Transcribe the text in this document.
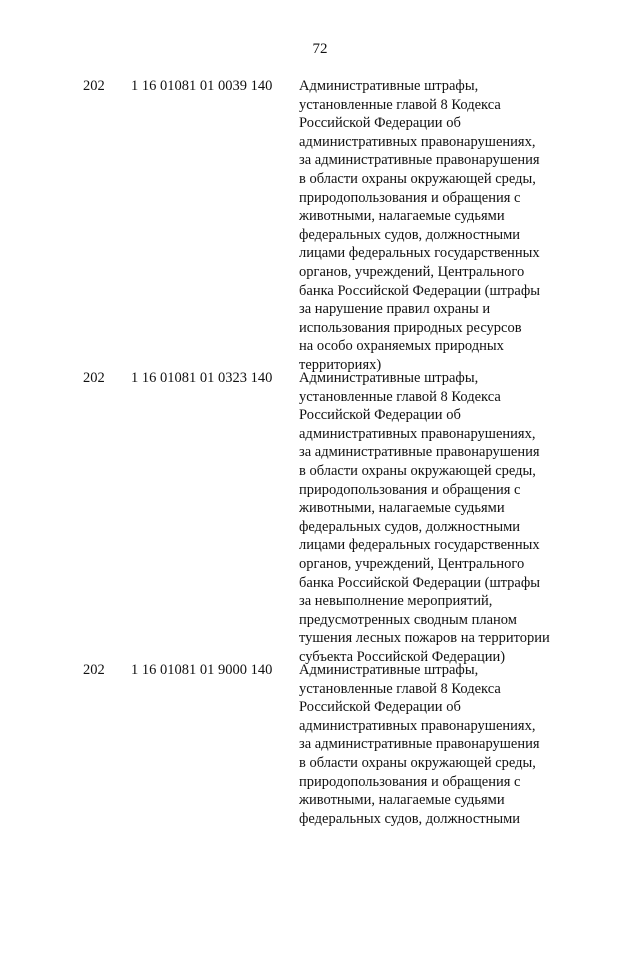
72
202 1 16 01081 01 0039 140 Административные штрафы,
установленные главой 8 Кодекса
Российской Федерации об
административных правонарушениях,
за административные правонарушения
в области охраны окружающей среды,
природопользования и обращения с
животными, налагаемые судьями
федеральных судов, должностными
лицами федеральных государственных
органов, учреждений, Центрального
банка Российской Федерации (штрафы
за нарушение правил охраны и
использования природных ресурсов
на особо охраняемых природных
территориях)
202 1 16 01081 01 0323 140 Административные штрафы,
установленные главой 8 Кодекса
Российской Федерации об
административных правонарушениях,
за административные правонарушения
в области охраны окружающей среды,
природопользования и обращения с
животными, налагаемые судьями
федеральных судов, должностными
лицами федеральных государственных
органов, учреждений, Центрального
банка Российской Федерации (штрафы
за невыполнение мероприятий,
предусмотренных сводным планом
тушения лесных пожаров на территории
субъекта Российской Федерации)
202 1 16 01081 01 9000 140 Административные штрафы,
установленные главой 8 Кодекса
Российской Федерации об
административных правонарушениях,
за административные правонарушения
в области охраны окружающей среды,
природопользования и обращения с
животными, налагаемые судьями
федеральных судов, должностными
